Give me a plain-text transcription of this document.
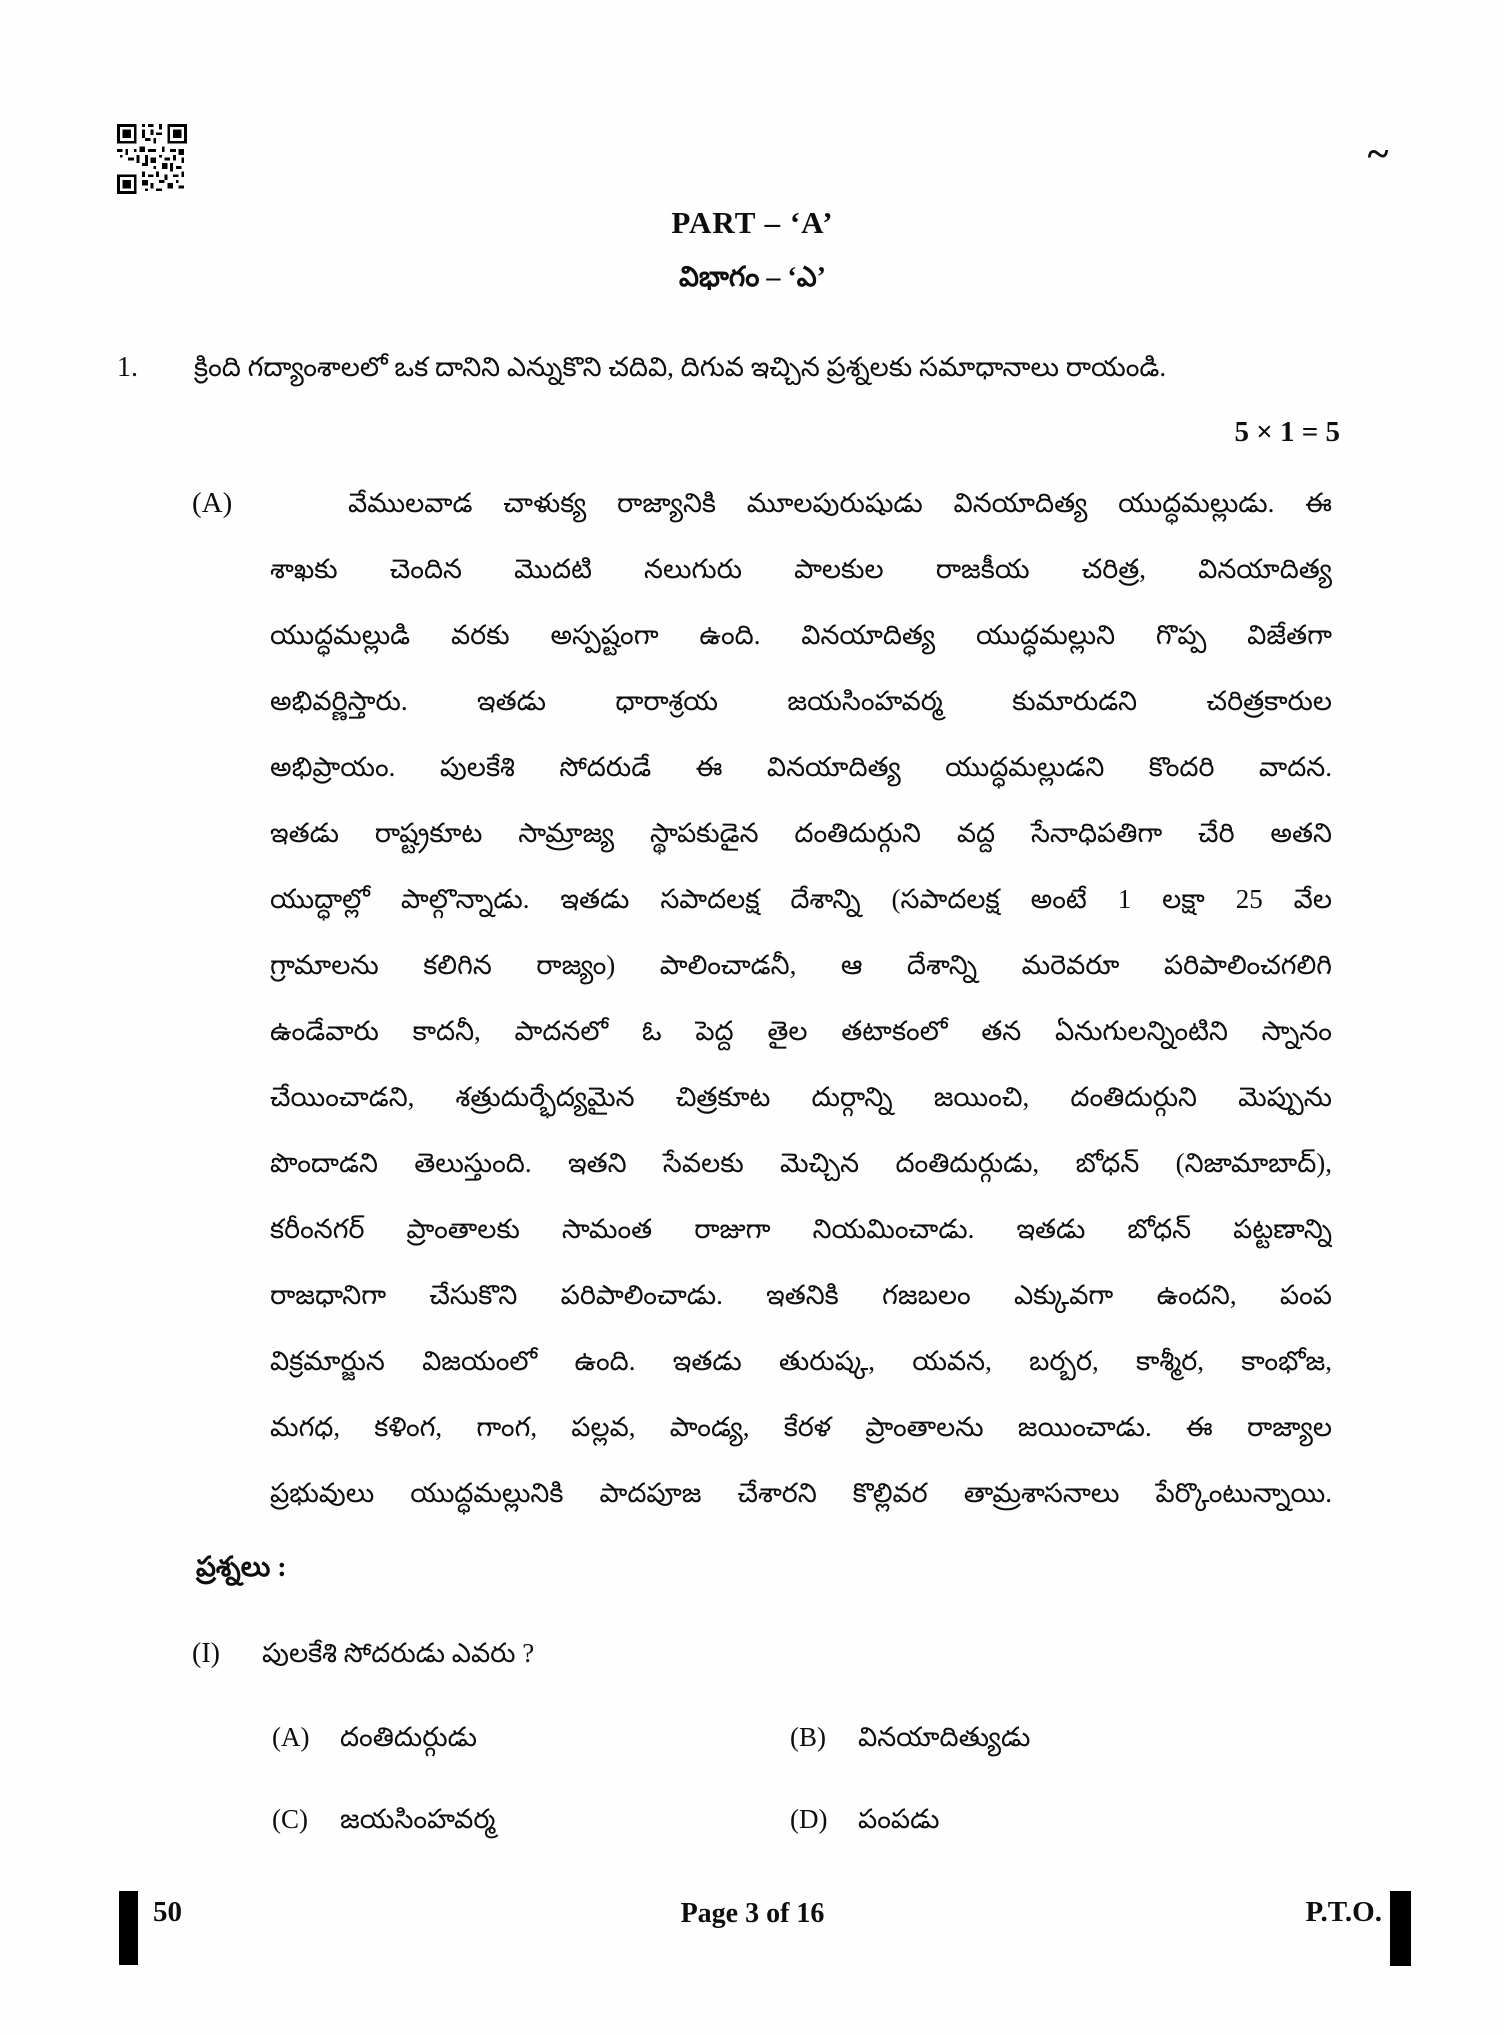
~
PART – ‘A’
విభాగం – ‘ఎ’
1. క్రింది గద్యాంశాలలో ఒక దానిని ఎన్నుకొని చదివి, దిగువ ఇచ్చిన ప్రశ్నలకు సమాధానాలు రాయండి.
5 × 1 = 5
(A)	వేములవాడ చాళుక్య రాజ్యానికి మూలపురుషుడు వినయాదిత్య యుద్ధమల్లుడు. ఈ
శాఖకు చెందిన మొదటి నలుగురు పాలకుల రాజకీయ చరిత్ర, వినయాదిత్య
యుద్ధమల్లుడి వరకు అస్పష్టంగా ఉంది. వినయాదిత్య యుద్ధమల్లుని గొప్ప విజేతగా
అభివర్ణిస్తారు. ఇతడు ధారాశ్రయ జయసింహవర్మ కుమారుడని చరిత్రకారుల
అభిప్రాయం. పులకేశి సోదరుడే ఈ వినయాదిత్య యుద్ధమల్లుడని కొందరి వాదన.
ఇతడు రాష్ట్రకూట సామ్రాజ్య స్థాపకుడైన దంతిదుర్గుని వద్ద సేనాధిపతిగా చేరి అతని
యుద్ధాల్లో పాల్గొన్నాడు. ఇతడు సపాదలక్ష దేశాన్ని (సపాదలక్ష అంటే 1 లక్షా 25 వేల
గ్రామాలను కలిగిన రాజ్యం) పాలించాడనీ, ఆ దేశాన్ని మరెవరూ పరిపాలించగలిగి
ఉండేవారు కాదనీ, పాదనలో ఓ పెద్ద తైల తటాకంలో తన ఏనుగులన్నింటిని స్నానం
చేయించాడని, శత్రుదుర్భేద్యమైన చిత్రకూట దుర్గాన్ని జయించి, దంతిదుర్గుని మెప్పును
పొందాడని తెలుస్తుంది. ఇతని సేవలకు మెచ్చిన దంతిదుర్గుడు, బోధన్ (నిజామాబాద్),
కరీంనగర్ ప్రాంతాలకు సామంత రాజుగా నియమించాడు. ఇతడు బోధన్ పట్టణాన్ని
రాజధానిగా చేసుకొని పరిపాలించాడు. ఇతనికి గజబలం ఎక్కువగా ఉందని, పంప
విక్రమార్జున విజయంలో ఉంది. ఇతడు తురుష్క, యవన, బర్బర, కాశ్మీర, కాంభోజ,
మగధ, కళింగ, గాంగ, పల్లవ, పాండ్య, కేరళ ప్రాంతాలను జయించాడు. ఈ రాజ్యాల
ప్రభువులు యుద్ధమల్లునికి పాదపూజ చేశారని కొల్లివర తామ్రశాసనాలు పేర్కొంటున్నాయి.
ప్రశ్నలు :
(I) పులకేశి సోదరుడు ఎవరు ?
(A)	దంతిదుర్గుడు	(B)	వినయాదిత్యుడు
(C)	జయసింహవర్మ	(D)	పంపడు
50	Page 3 of 16	P.T.O.
